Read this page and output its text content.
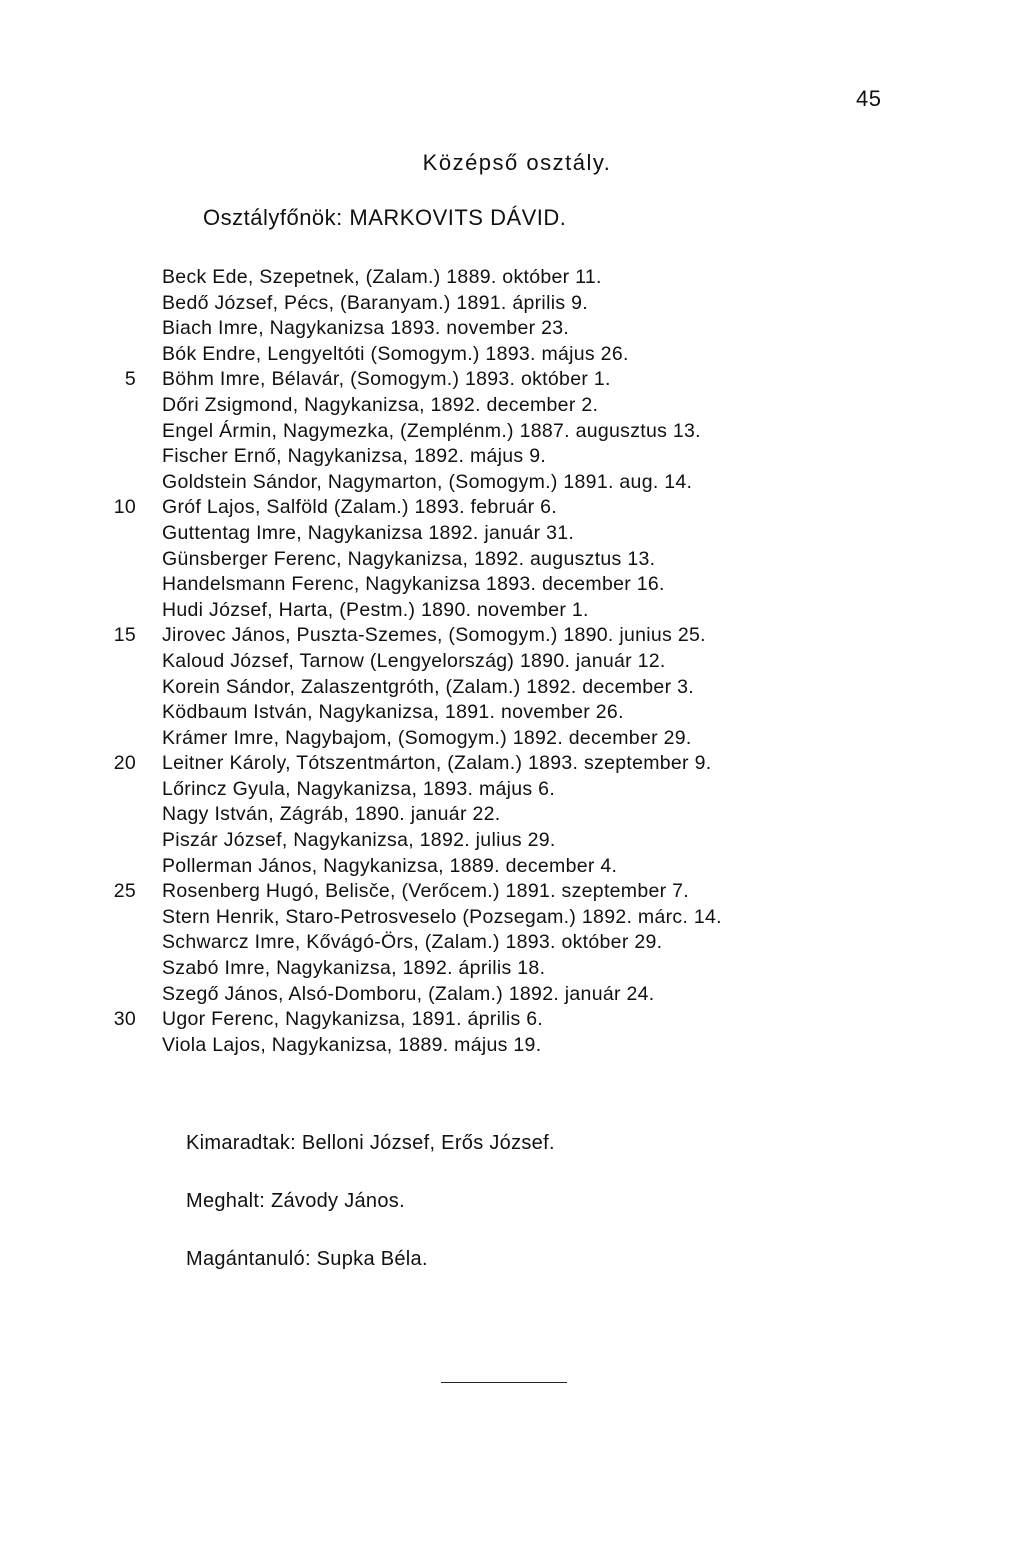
45
Középső osztály.
Osztályfőnök: MARKOVITS DÁVID.
Beck Ede, Szepetnek, (Zalam.) 1889. október 11.
Bedő József, Pécs, (Baranyam.) 1891. április 9.
Biach Imre, Nagykanizsa 1893. november 23.
Bók Endre, Lengyeltóti (Somogym.) 1893. május 26.
5 Böhm Imre, Bélavár, (Somogym.) 1893. október 1.
Dőri Zsigmond, Nagykanizsa, 1892. december 2.
Engel Ármin, Nagymezka, (Zemplénm.) 1887. augusztus 13.
Fischer Ernő, Nagykanizsa, 1892. május 9.
Goldstein Sándor, Nagymarton, (Somogym.) 1891. aug. 14.
10 Gróf Lajos, Salföld (Zalam.) 1893. február 6.
Guttentag Imre, Nagykanizsa 1892. január 31.
Günsberger Ferenc, Nagykanizsa, 1892. augusztus 13.
Handelsmann Ferenc, Nagykanizsa 1893. december 16.
Hudi József, Harta, (Pestm.) 1890. november 1.
15 Jirovec János, Puszta-Szemes, (Somogym.) 1890. junius 25.
Kaloud József, Tarnow (Lengyelország) 1890. január 12.
Korein Sándor, Zalaszentgróth, (Zalam.) 1892. december 3.
Ködbaum István, Nagykanizsa, 1891. november 26.
Krámer Imre, Nagybajom, (Somogym.) 1892. december 29.
20 Leitner Károly, Tótszentmárton, (Zalam.) 1893. szeptember 9.
Lőrincz Gyula, Nagykanizsa, 1893. május 6.
Nagy István, Zágráb, 1890. január 22.
Piszár József, Nagykanizsa, 1892. julius 29.
Pollerman János, Nagykanizsa, 1889. december 4.
25 Rosenberg Hugó, Belisče, (Verőcem.) 1891. szeptember 7.
Stern Henrik, Staro-Petrosveselo (Pozsegam.) 1892. márc. 14.
Schwarcz Imre, Kővágó-Örs, (Zalam.) 1893. október 29.
Szabó Imre, Nagykanizsa, 1892. április 18.
Szegő János, Alsó-Domboru, (Zalam.) 1892. január 24.
30 Ugor Ferenc, Nagykanizsa, 1891. április 6.
Viola Lajos, Nagykanizsa, 1889. május 19.
Kimaradtak: Belloni József, Erős József.
Meghalt: Závody János.
Magántanuló: Supka Béla.
